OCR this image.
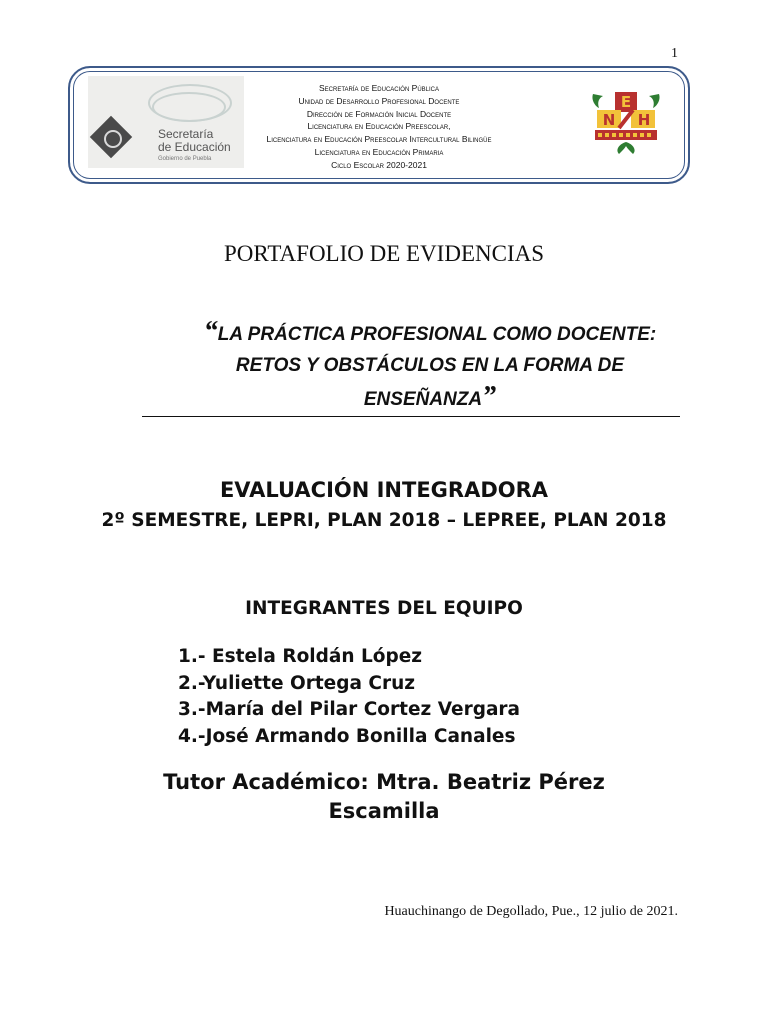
1
Secretaría
de Educación
Gobierno de Puebla
Secretaría de Educación Pública
Unidad de Desarrollo Profesional Docente
Dirección de Formación Inicial Docente
Licenciatura en Educación Preescolar,
Licenciatura en Educación Preescolar Intercultural Bilingüe
Licenciatura en Educación Primaria
Ciclo Escolar 2020-2021
E
N H
PORTAFOLIO DE EVIDENCIAS
“LA PRÁCTICA PROFESIONAL COMO DOCENTE: RETOS Y OBSTÁCULOS EN LA FORMA DE ENSEÑANZA”
EVALUACIÓN INTEGRADORA
2º SEMESTRE, LEPRI, PLAN 2018 – LEPREE, PLAN 2018
INTEGRANTES DEL EQUIPO
1.- Estela Roldán López
2.-Yuliette Ortega Cruz
3.-María del Pilar Cortez Vergara
4.-José Armando Bonilla Canales
Tutor Académico: Mtra. Beatriz Pérez Escamilla
Huauchinango de Degollado, Pue., 12 julio de 2021.
